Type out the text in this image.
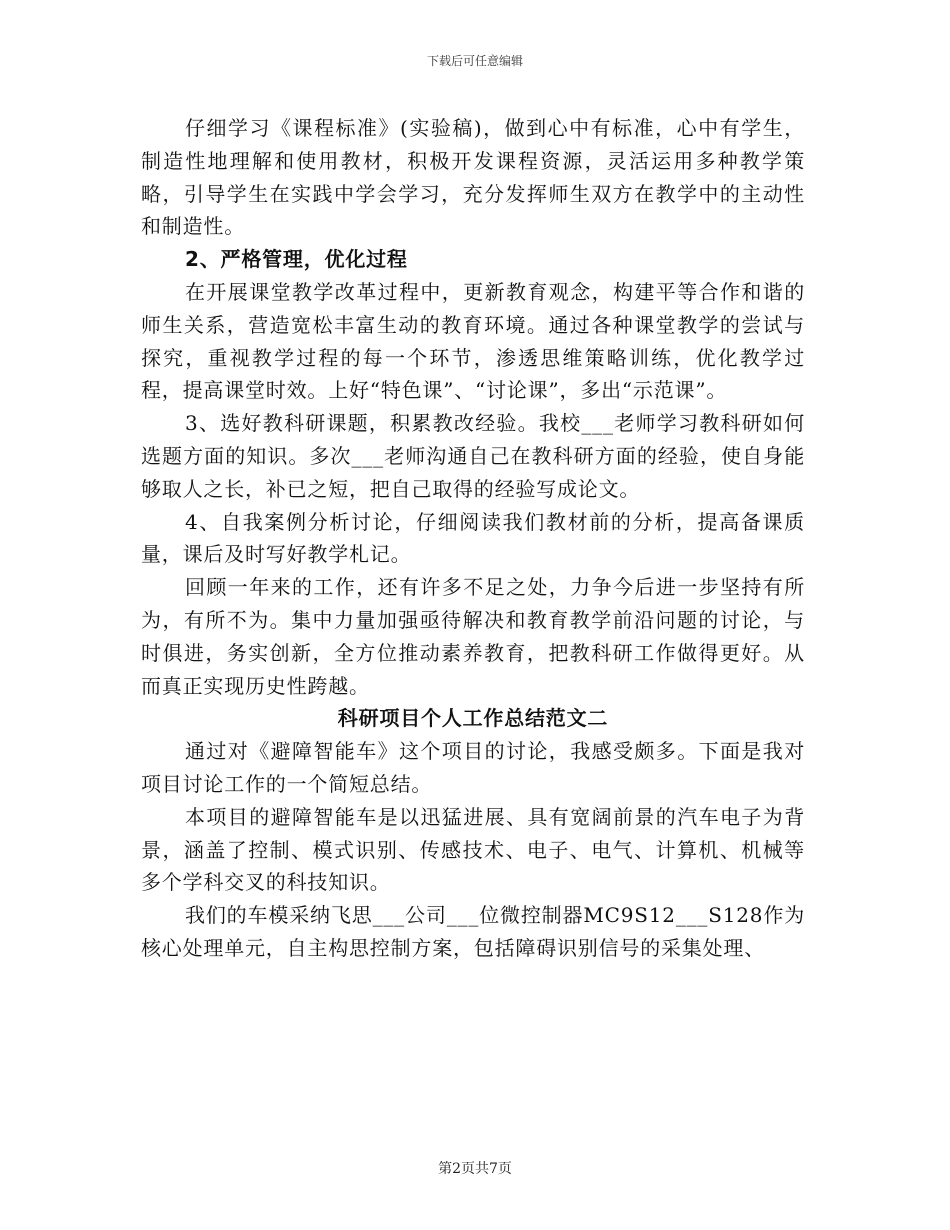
下载后可任意编辑

仔细学习《课程标准》(实验稿)，做到心中有标准，心中有学生，制造性地理解和使用教材，积极开发课程资源，灵活运用多种教学策略，引导学生在实践中学会学习，充分发挥师生双方在教学中的主动性和制造性。

2、严格管理，优化过程

在开展课堂教学改革过程中，更新教育观念，构建平等合作和谐的师生关系，营造宽松丰富生动的教育环境。通过各种课堂教学的尝试与探究，重视教学过程的每一个环节，渗透思维策略训练，优化教学过程，提高课堂时效。上好“特色课”、“讨论课”，多出“示范课”。

3、选好教科研课题，积累教改经验。我校___老师学习教科研如何选题方面的知识。多次___老师沟通自己在教科研方面的经验，使自身能够取人之长，补已之短，把自己取得的经验写成论文。

4、自我案例分析讨论，仔细阅读我们教材前的分析，提高备课质量，课后及时写好教学札记。

回顾一年来的工作，还有许多不足之处，力争今后进一步坚持有所为，有所不为。集中力量加强亟待解决和教育教学前沿问题的讨论，与时俱进，务实创新，全方位推动素养教育，把教科研工作做得更好。从而真正实现历史性跨越。

科研项目个人工作总结范文二

通过对《避障智能车》这个项目的讨论，我感受颇多。下面是我对项目讨论工作的一个简短总结。

本项目的避障智能车是以迅猛进展、具有宽阔前景的汽车电子为背景，涵盖了控制、模式识别、传感技术、电子、电气、计算机、机械等多个学科交叉的科技知识。

我们的车模采纳飞思___公司___位微控制器MC9S12___S128作为核心处理单元，自主构思控制方案，包括障碍识别信号的采集处理、

第2页共7页
